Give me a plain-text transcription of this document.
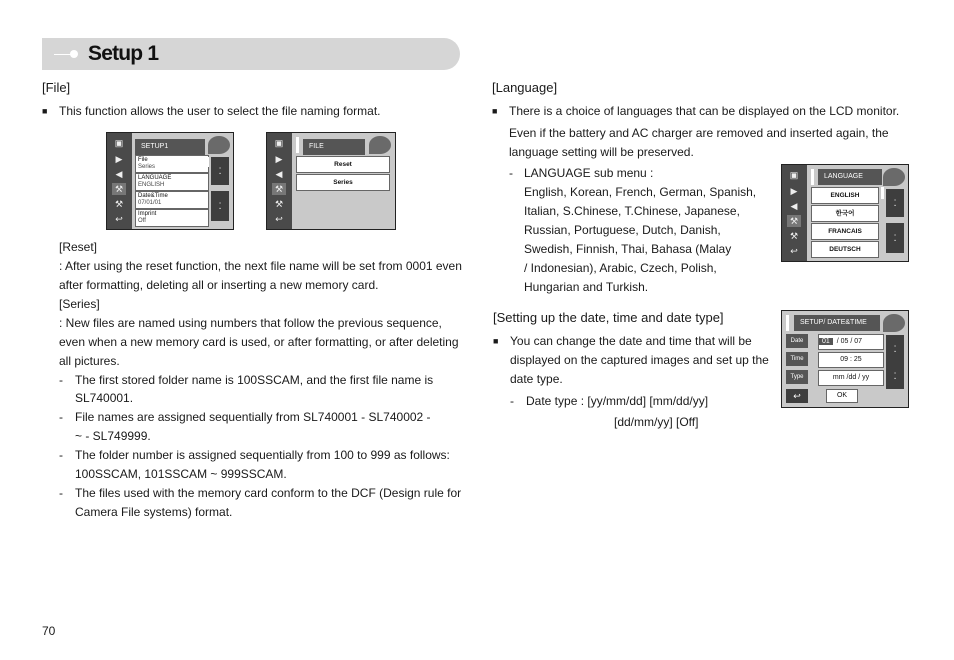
Setup 1
[File]
■ This function allows the user to select the file naming format.
▣
▶
◀
⚒
⚒
↩
SETUP1
File
Series
LANGUAGE
ENGLISH
Date&Time
07/01/01
Imprint
Off
⁚
⁚
▣
▶
◀
⚒
⚒
↩
FILE
Reset
Series
[Reset]
: After using the reset function, the next file name will be set from 0001 even
after formatting, deleting all or inserting a new memory card.
[Series]
: New files are named using numbers that follow the previous sequence,
even when a new memory card is used, or after formatting, or after deleting
all pictures.
- The first stored folder name is 100SSCAM, and the first file name is
SL740001.
- File names are assigned sequentially from SL740001 - SL740002 -
~ - SL749999.
- The folder number is assigned sequentially from 100 to 999 as follows:
100SSCAM, 101SSCAM ~ 999SSCAM.
- The files used with the memory card conform to the DCF (Design rule for
Camera File systems) format.
[Language]
■ There is a choice of languages that can be displayed on the LCD monitor.
Even if the battery and AC charger are removed and inserted again, the
language setting will be preserved.
- LANGUAGE sub menu :
English, Korean, French, German, Spanish,
Italian, S.Chinese, T.Chinese, Japanese,
Russian, Portuguese, Dutch, Danish,
Swedish, Finnish, Thai, Bahasa (Malay
/ Indonesian), Arabic, Czech, Polish,
Hungarian and Turkish.
▣
▶
◀
⚒
⚒
↩
LANGUAGE
ENGLISH
한국어
FRANCAIS
DEUTSCH
⁚
⁚
[Setting up the date, time and date type]
■ You can change the date and time that will be
displayed on the captured images and set up the
date type.
- Date type : [yy/mm/dd] [mm/dd/yy]
[dd/mm/yy] [Off]
SETUP/ DATE&TIME
Date
Time
Type
01 / 05 / 07
09 : 25
mm /dd / yy
⁚
⁚
↩	OK
70
